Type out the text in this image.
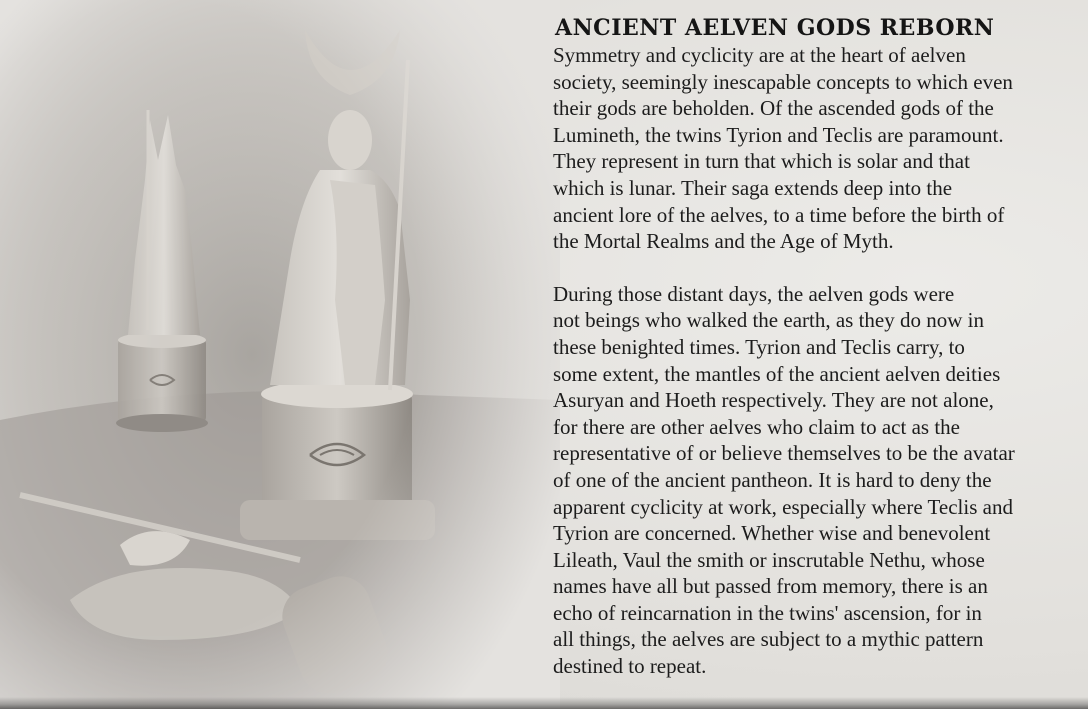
ANCIENT AELVEN GODS REBORN

Symmetry and cyclicity are at the heart of aelven
society, seemingly inescapable concepts to which even
their gods are beholden. Of the ascended gods of the
Lumineth, the twins Tyrion and Teclis are paramount.
They represent in turn that which is solar and that
which is lunar. Their saga extends deep into the
ancient lore of the aelves, to a time before the birth of
the Mortal Realms and the Age of Myth.

During those distant days, the aelven gods were
not beings who walked the earth, as they do now in
these benighted times. Tyrion and Teclis carry, to
some extent, the mantles of the ancient aelven deities
Asuryan and Hoeth respectively. They are not alone,
for there are other aelves who claim to act as the
representative of or believe themselves to be the avatar
of one of the ancient pantheon. It is hard to deny the
apparent cyclicity at work, especially where Teclis and
Tyrion are concerned. Whether wise and benevolent
Lileath, Vaul the smith or inscrutable Nethu, whose
names have all but passed from memory, there is an
echo of reincarnation in the twins' ascension, for in
all things, the aelves are subject to a mythic pattern
destined to repeat.
